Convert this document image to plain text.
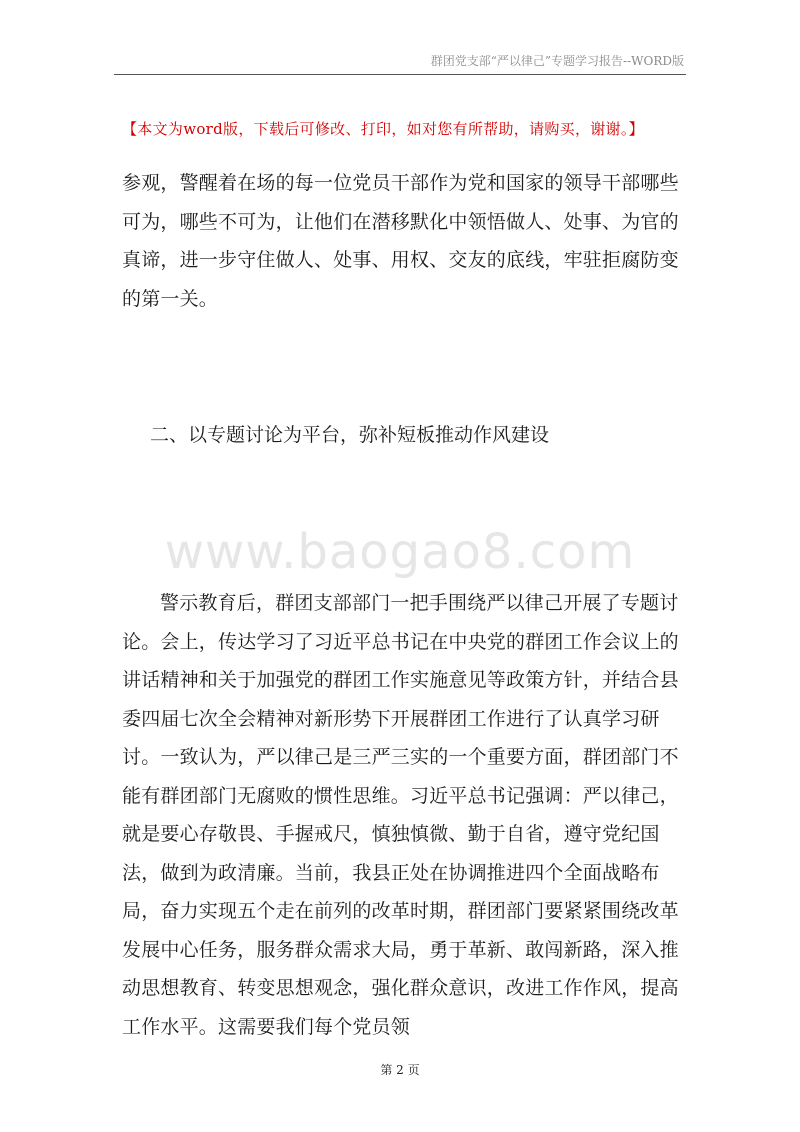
群团党支部“严以律己”专题学习报告--WORD版
【本文为word版，下载后可修改、打印，如对您有所帮助，请购买，谢谢。】

参观，警醒着在场的每一位党员干部作为党和国家的领导干部哪些可为，哪些不可为，让他们在潜移默化中领悟做人、处事、为官的真谛，进一步守住做人、处事、用权、交友的底线，牢驻拒腐防变的第一关。

二、以专题讨论为平台，弥补短板推动作风建设

www.baogao8.com

警示教育后，群团支部部门一把手围绕严以律己开展了专题讨论。会上，传达学习了习近平总书记在中央党的群团工作会议上的讲话精神和关于加强党的群团工作实施意见等政策方针，并结合县委四届七次全会精神对新形势下开展群团工作进行了认真学习研讨。一致认为，严以律己是三严三实的一个重要方面，群团部门不能有群团部门无腐败的惯性思维。习近平总书记强调：严以律己，就是要心存敬畏、手握戒尺，慎独慎微、勤于自省，遵守党纪国法，做到为政清廉。当前，我县正处在协调推进四个全面战略布局，奋力实现五个走在前列的改革时期，群团部门要紧紧围绕改革发展中心任务，服务群众需求大局，勇于革新、敢闯新路，深入推动思想教育、转变思想观念，强化群众意识，改进工作作风，提高工作水平。这需要我们每个党员领

第 2 页
